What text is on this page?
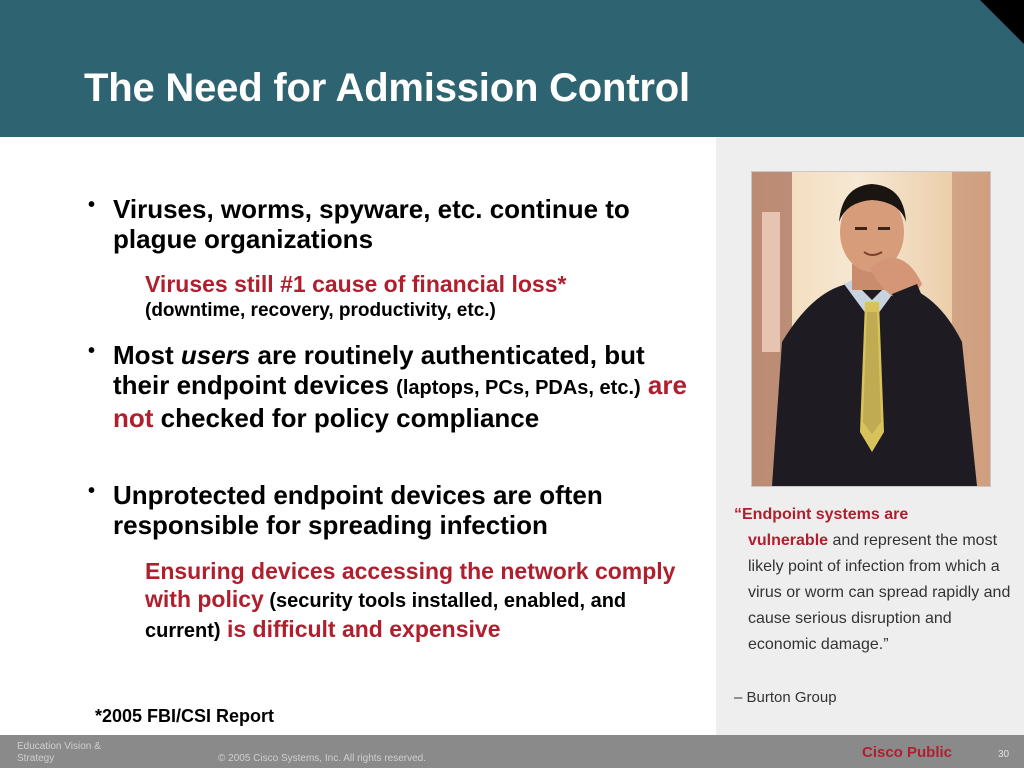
The Need for Admission Control
“Endpoint systems are
vulnerable and represent the most likely point of infection from which a virus or worm can spread rapidly and cause serious disruption and economic damage.”
– Burton Group
• Viruses, worms, spyware, etc. continue to plague organizations
Viruses still #1 cause of financial loss*
(downtime, recovery, productivity, etc.)
• Most users are routinely authenticated, but their endpoint devices (laptops, PCs, PDAs, etc.) are not checked for policy compliance
• Unprotected endpoint devices are often responsible for spreading infection
Ensuring devices accessing the network comply with policy (security tools installed, enabled, and current) is difficult and expensive
*2005 FBI/CSI Report
Education Vision & Strategy	© 2005 Cisco Systems, Inc. All rights reserved.	Cisco Public	30
